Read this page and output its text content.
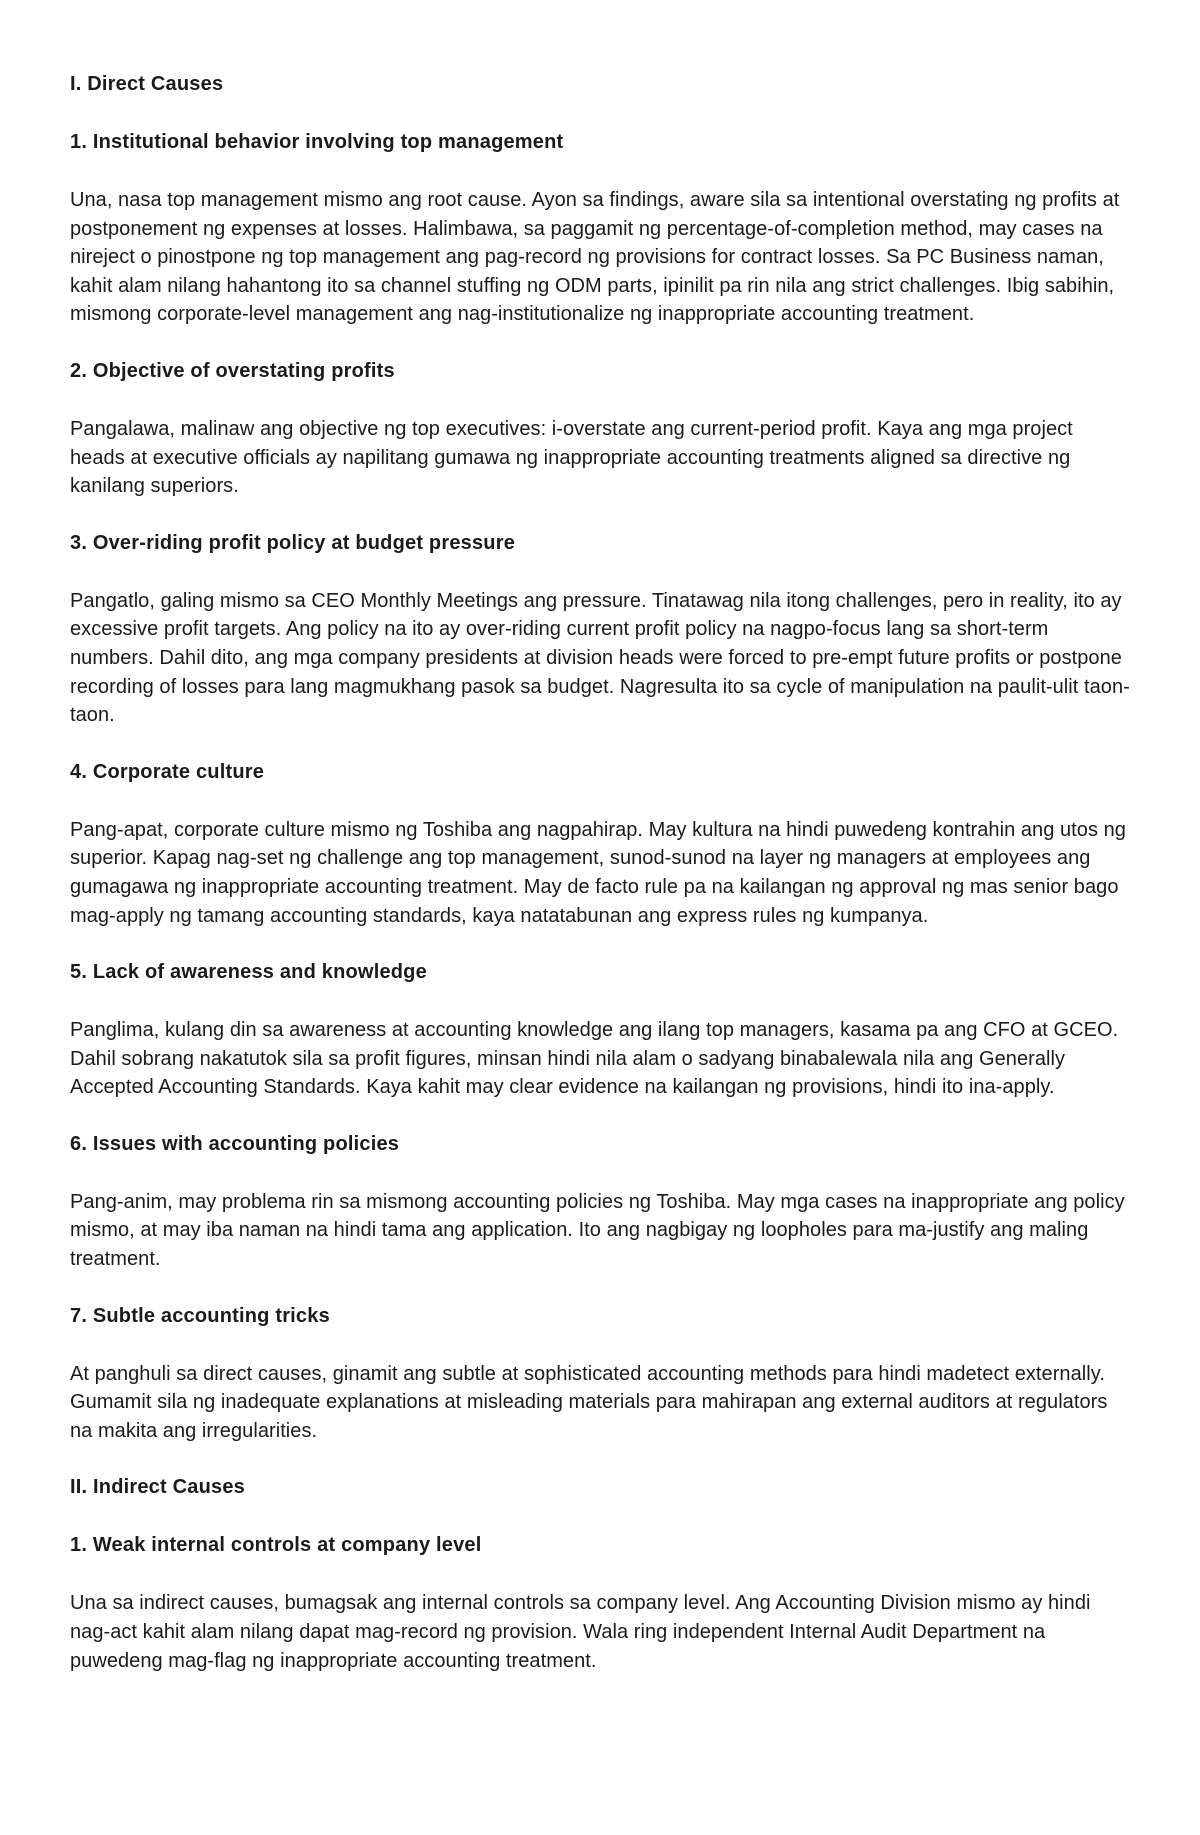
I. Direct Causes
1. Institutional behavior involving top management

Una, nasa top management mismo ang root cause. Ayon sa findings, aware sila sa intentional overstating ng profits at postponement ng expenses at losses. Halimbawa, sa paggamit ng percentage-of-completion method, may cases na nireject o pinostpone ng top management ang pag-record ng provisions for contract losses. Sa PC Business naman, kahit alam nilang hahantong ito sa channel stuffing ng ODM parts, ipinilit pa rin nila ang strict challenges. Ibig sabihin, mismong corporate-level management ang nag-institutionalize ng inappropriate accounting treatment.

2. Objective of overstating profits

Pangalawa, malinaw ang objective ng top executives: i-overstate ang current-period profit. Kaya ang mga project heads at executive officials ay napilitang gumawa ng inappropriate accounting treatments aligned sa directive ng kanilang superiors.

3. Over-riding profit policy at budget pressure

Pangatlo, galing mismo sa CEO Monthly Meetings ang pressure. Tinatawag nila itong challenges, pero in reality, ito ay excessive profit targets. Ang policy na ito ay over-riding current profit policy na nagpo-focus lang sa short-term numbers. Dahil dito, ang mga company presidents at division heads were forced to pre-empt future profits or postpone recording of losses para lang magmukhang pasok sa budget. Nagresulta ito sa cycle of manipulation na paulit-ulit taon-taon.

4. Corporate culture

Pang-apat, corporate culture mismo ng Toshiba ang nagpahirap. May kultura na hindi puwedeng kontrahin ang utos ng superior. Kapag nag-set ng challenge ang top management, sunod-sunod na layer ng managers at employees ang gumagawa ng inappropriate accounting treatment. May de facto rule pa na kailangan ng approval ng mas senior bago mag-apply ng tamang accounting standards, kaya natatabunan ang express rules ng kumpanya.

5. Lack of awareness and knowledge

Panglima, kulang din sa awareness at accounting knowledge ang ilang top managers, kasama pa ang CFO at GCEO. Dahil sobrang nakatutok sila sa profit figures, minsan hindi nila alam o sadyang binabalewala nila ang Generally Accepted Accounting Standards. Kaya kahit may clear evidence na kailangan ng provisions, hindi ito ina-apply.

6. Issues with accounting policies

Pang-anim, may problema rin sa mismong accounting policies ng Toshiba. May mga cases na inappropriate ang policy mismo, at may iba naman na hindi tama ang application. Ito ang nagbigay ng loopholes para ma-justify ang maling treatment.

7. Subtle accounting tricks

At panghuli sa direct causes, ginamit ang subtle at sophisticated accounting methods para hindi madetect externally. Gumamit sila ng inadequate explanations at misleading materials para mahirapan ang external auditors at regulators na makita ang irregularities.

II. Indirect Causes
1. Weak internal controls at company level

Una sa indirect causes, bumagsak ang internal controls sa company level. Ang Accounting Division mismo ay hindi nag-act kahit alam nilang dapat mag-record ng provision. Wala ring independent Internal Audit Department na puwedeng mag-flag ng inappropriate accounting treatment.
